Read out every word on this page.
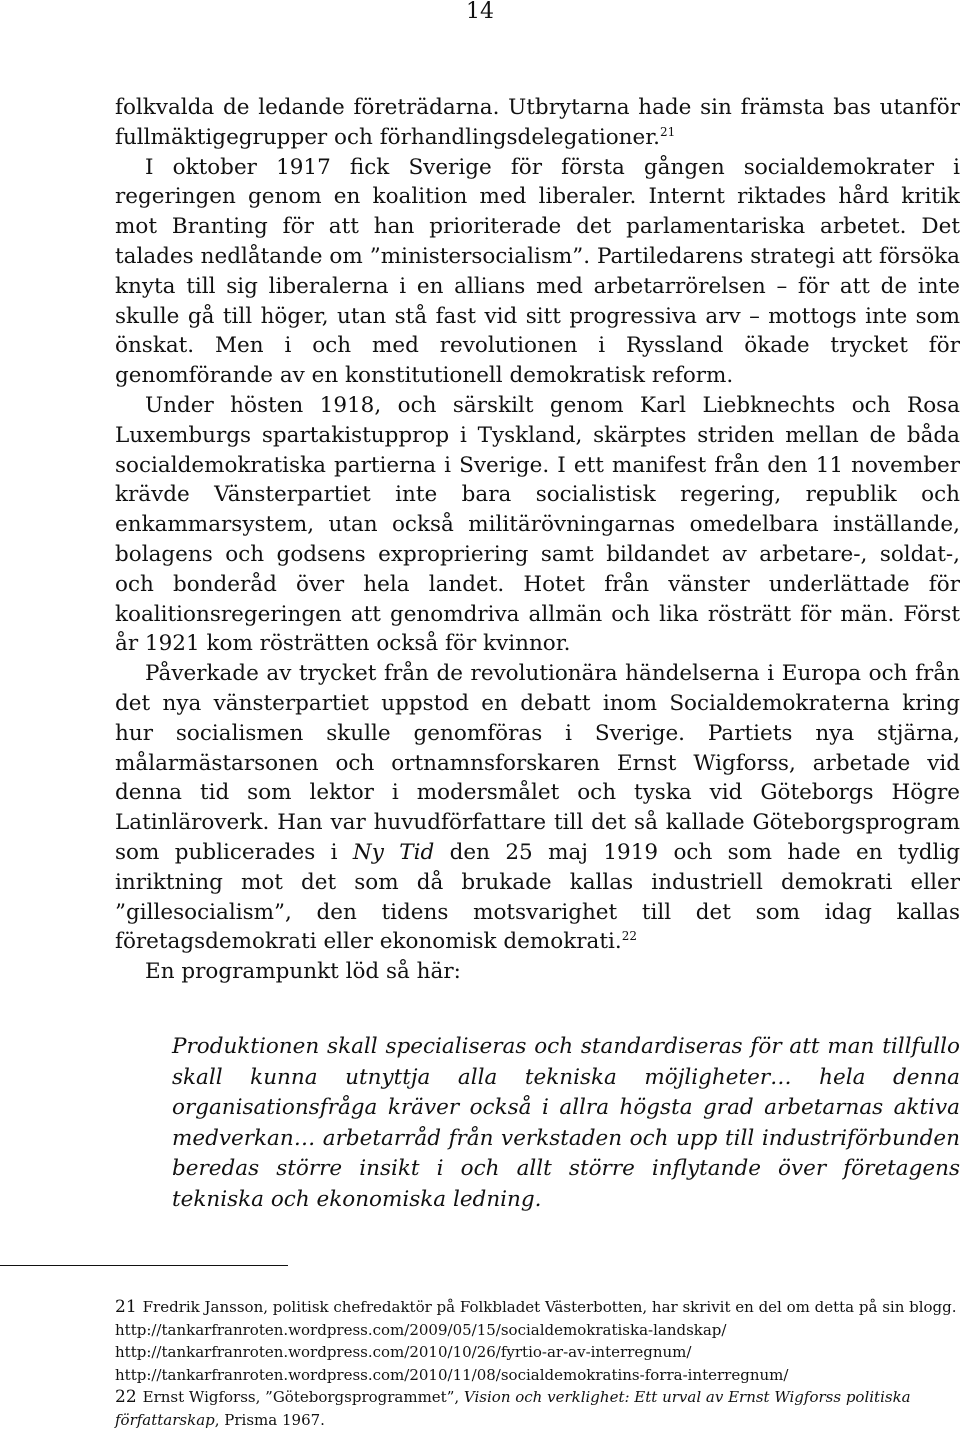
14

folkvalda de ledande företrädarna. Utbrytarna hade sin främsta bas utanför fullmäktigegrupper och förhandlingsdelegationer.$^{21}$

I oktober 1917 fick Sverige för första gången socialdemokrater i regeringen genom en koalition med liberaler. Internt riktades hård kritik mot Branting för att han prioriterade det parlamentariska arbetet. Det talades nedlåtande om ”ministersocialism”. Partiledarens strategi att försöka knyta till sig liberalerna i en allians med arbetarrörelsen – för att de inte skulle gå till höger, utan stå fast vid sitt progressiva arv – mottogs inte som önskat. Men i och med revolutionen i Ryssland ökade trycket för genomförande av en konstitutionell demokratisk reform.

Under hösten 1918, och särskilt genom Karl Liebknechts och Rosa Luxemburgs spartakistupprор i Tyskland, skärptes striden mellan de båda socialdemokratiska partierna i Sverige. I ett manifest från den 11 november krävde Vänsterpartiet inte bara socialistisk regering, republik och enkammarsystem, utan också militärövningarnas omedelbara inställande, bolagens och godsens expropriering samt bildandet av arbetare-, soldat-, och bonderåd över hela landet. Hotet från vänster underlättade för koalitionsregeringen att genomdriva allmän och lika rösträtt för män. Först år 1921 kom rösträtten också för kvinnor.

Påverkade av trycket från de revolutionära händelserna i Europa och från det nya vänsterpartiet uppstod en debatt inom Socialdemokraterna kring hur socialismen skulle genomföras i Sverige. Partiets nya stjärna, målarmästarsonen och ortnamnsforskaren Ernst Wigforss, arbetade vid denna tid som lektor i modersmålet och tyska vid Göteborgs Högre Latinläroverk. Han var huvudförfattare till det så kallade Göteborgsprogram som publicerades i Ny Tid den 25 maj 1919 och som hade en tydlig inriktning mot det som då brukade kallas industriell demokrati eller ”gillesocialism”, den tidens motsvarighet till det som idag kallas företagsdemokrati eller ekonomisk demokrati.$^{22}$

En programpunkt löd så här:

Produktionen skall specialiseras och standardiseras för att man tillfullo skall kunna utnyttja alla tekniska möjligheter… hela denna organisationsfråga kräver också i allra högsta grad arbetarnas aktiva medverkan… arbetarråd från verkstaden och upp till industriförbunden beredas större insikt i och allt större inflytande över företagens tekniska och ekonomiska ledning.

21 Fredrik Jansson, politisk chefredaktör på Folkbladet Västerbotten, har skrivit en del om detta på sin blogg. http://tankarfranroten.wordpress.com/2009/05/15/socialdemokratiska-landskap/
http://tankarfranroten.wordpress.com/2010/10/26/fyrtio-ar-av-interregnum/
http://tankarfranroten.wordpress.com/2010/11/08/socialdemokratins-forra-interregnum/

22 Ernst Wigforss, ”Göteborgsprogrammet”, Vision och verklighet: Ett urval av Ernst Wigforss politiska författarskap, Prisma 1967.
